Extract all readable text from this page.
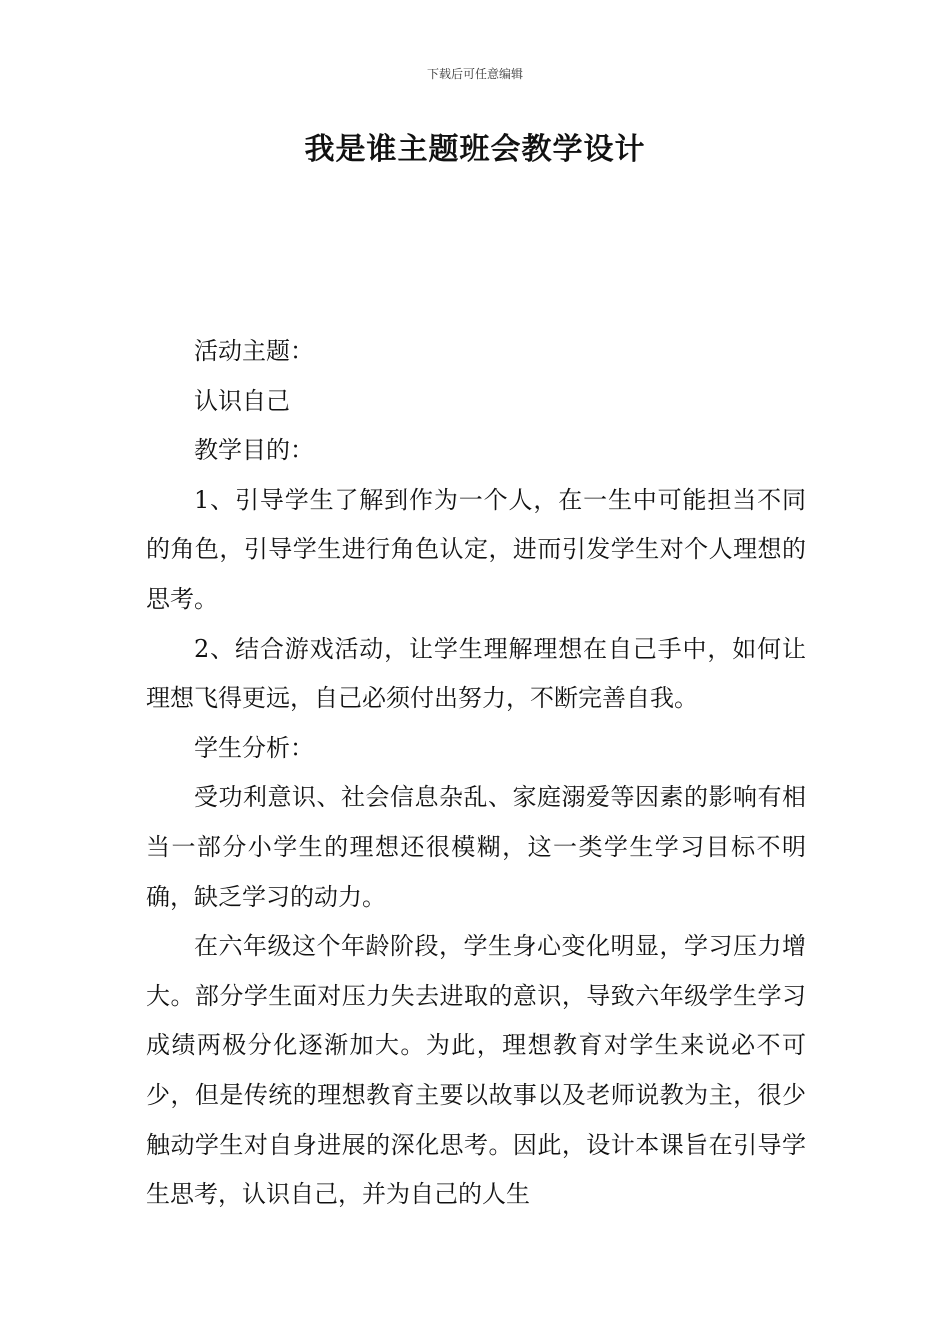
下载后可任意编辑
我是谁主题班会教学设计

活动主题：

认识自己

教学目的：

1、引导学生了解到作为一个人，在一生中可能担当不同的角色，引导学生进行角色认定，进而引发学生对个人理想的思考。

2、结合游戏活动，让学生理解理想在自己手中，如何让理想飞得更远，自己必须付出努力，不断完善自我。

学生分析：

受功利意识、社会信息杂乱、家庭溺爱等因素的影响有相当一部分小学生的理想还很模糊，这一类学生学习目标不明确，缺乏学习的动力。

在六年级这个年龄阶段，学生身心变化明显，学习压力增大。部分学生面对压力失去进取的意识，导致六年级学生学习成绩两极分化逐渐加大。为此，理想教育对学生来说必不可少，但是传统的理想教育主要以故事以及老师说教为主，很少触动学生对自身进展的深化思考。因此，设计本课旨在引导学生思考，认识自己，并为自己的人生
